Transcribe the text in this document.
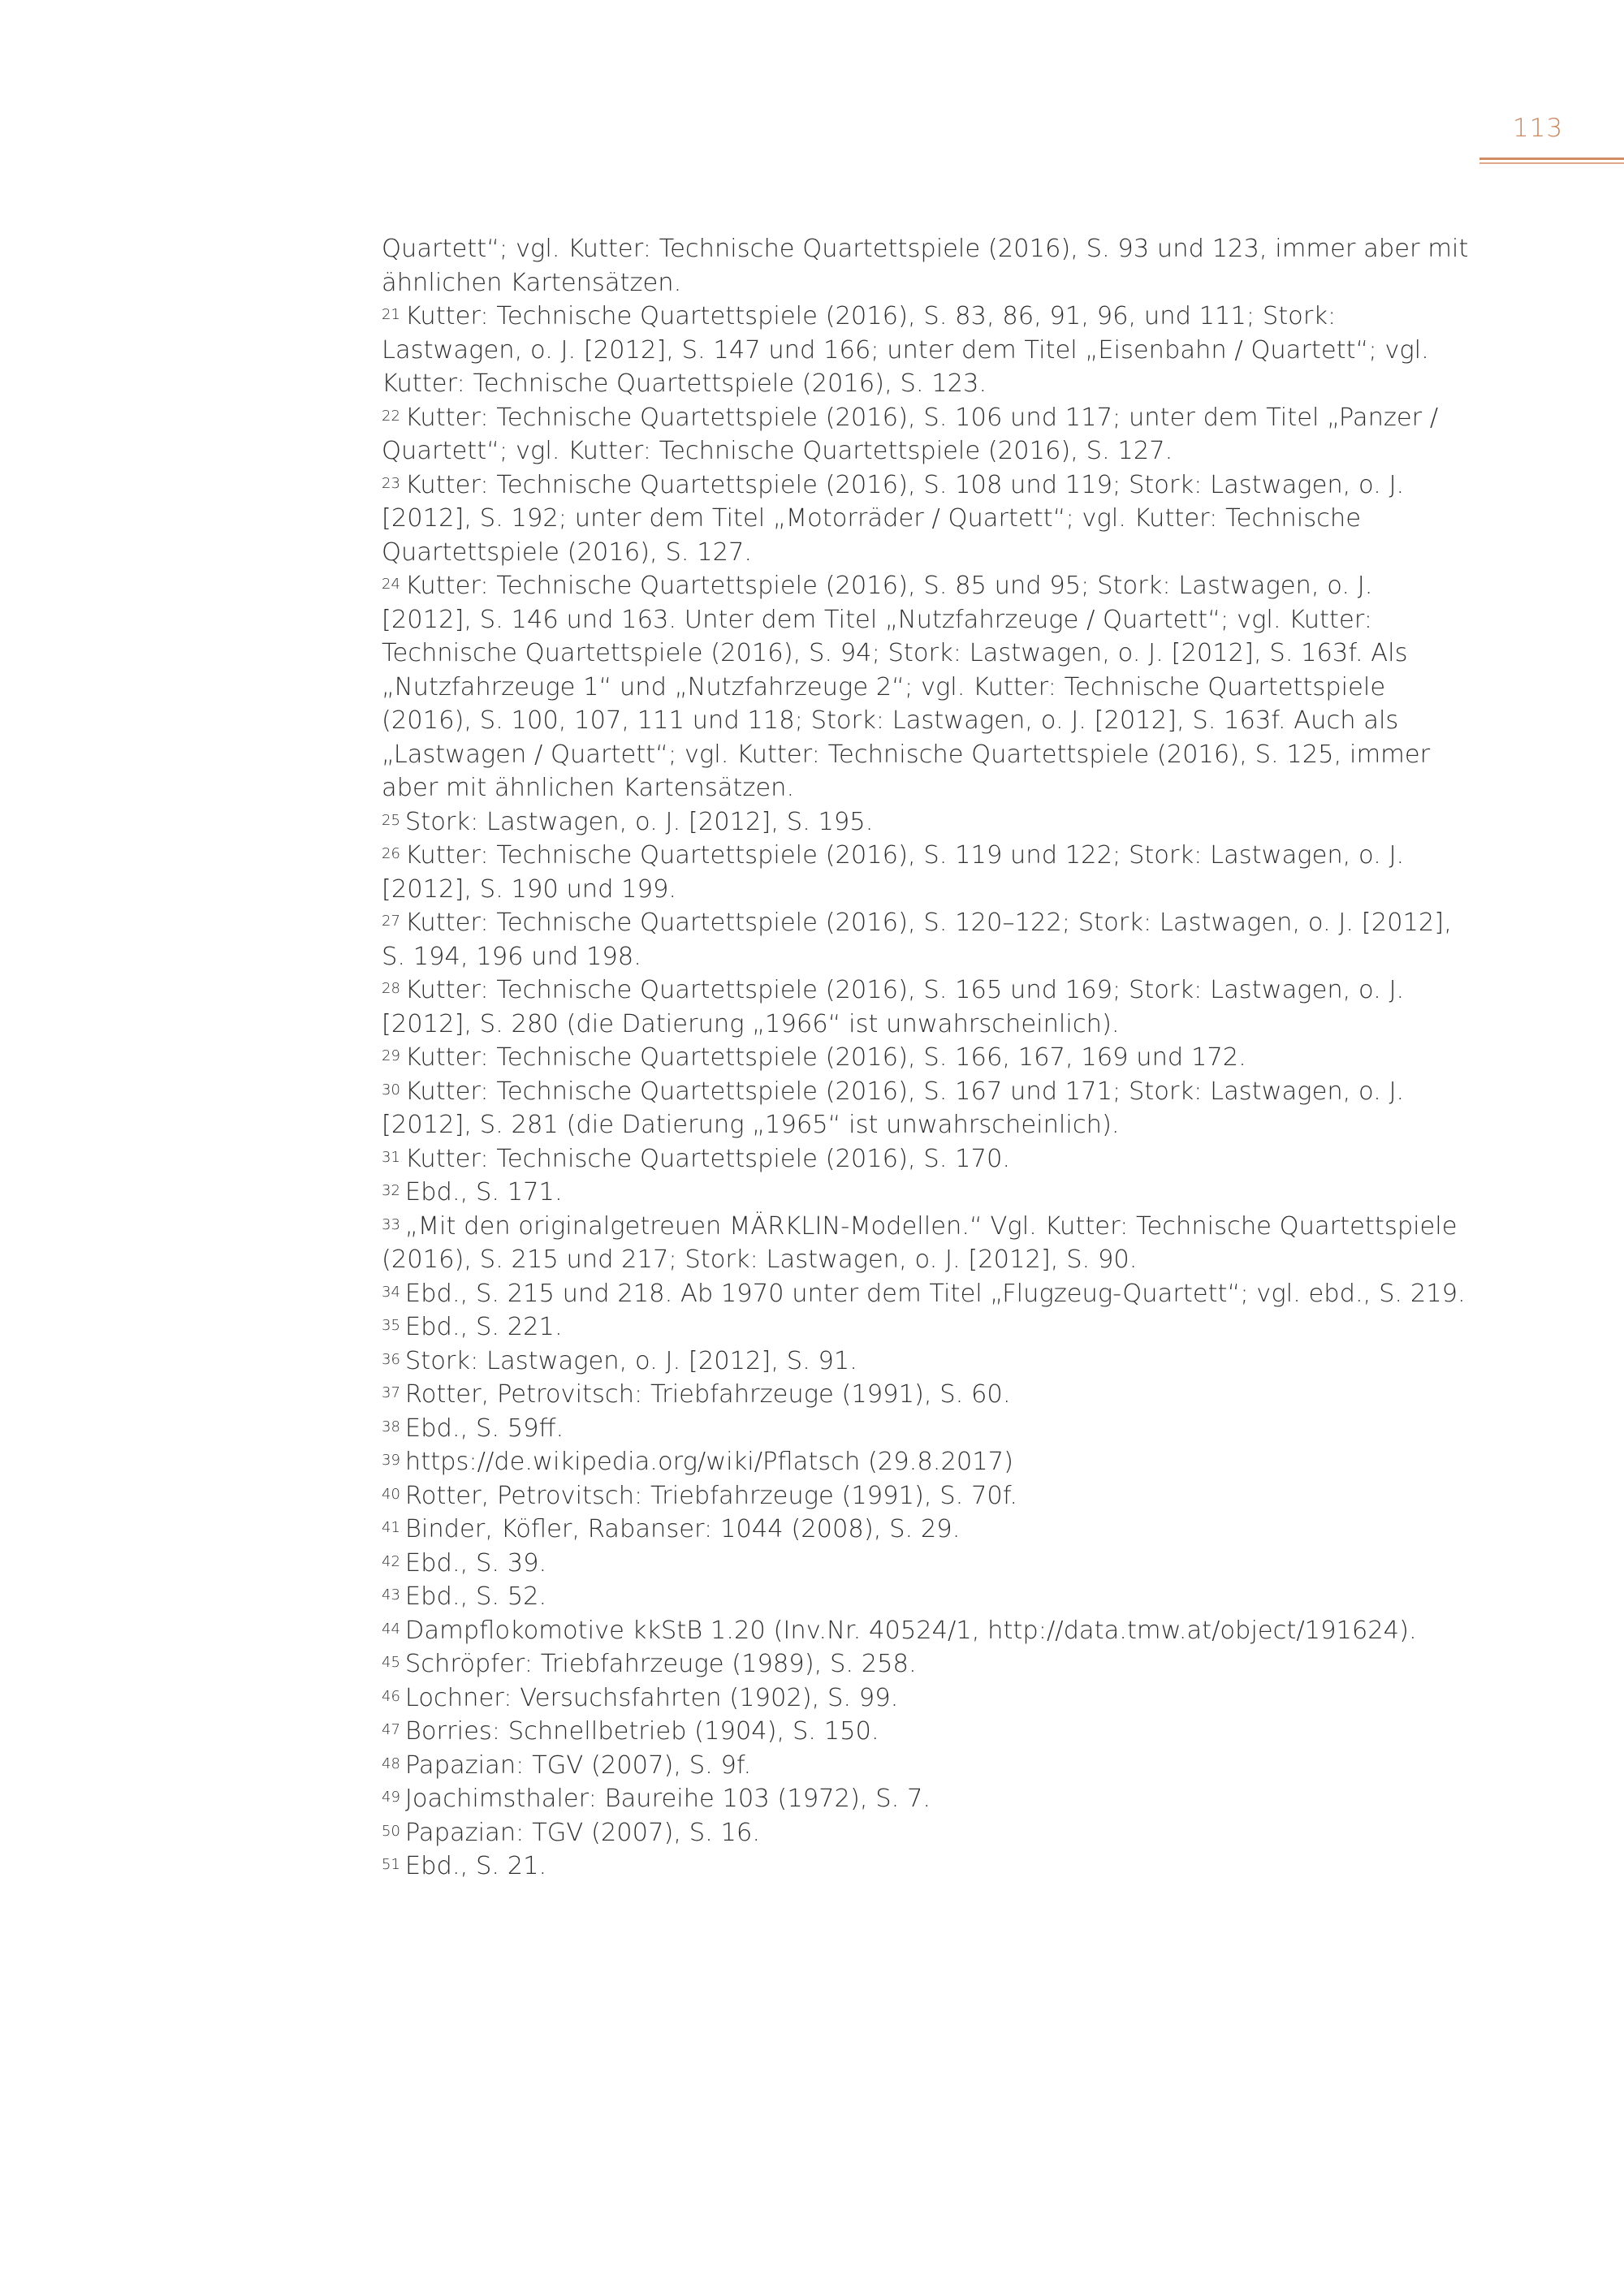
113

Quartett“; vgl. Kutter: Technische Quartettspiele (2016), S. 93 und 123, immer aber mit ähnlichen Kartensätzen.

$^{21}$ Kutter: Technische Quartettspiele (2016), S. 83, 86, 91, 96, und 111; Stork: Lastwagen, o. J. [2012], S. 147 und 166; unter dem Titel „Eisenbahn / Quartett“; vgl. Kutter: Technische Quartettspiele (2016), S. 123.

$^{22}$ Kutter: Technische Quartettspiele (2016), S. 106 und 117; unter dem Titel „Panzer / Quartett“; vgl. Kutter: Technische Quartettspiele (2016), S. 127.

$^{23}$ Kutter: Technische Quartettspiele (2016), S. 108 und 119; Stork: Lastwagen, o. J. [2012], S. 192; unter dem Titel „Motorräder / Quartett“; vgl. Kutter: Technische Quartettspiele (2016), S. 127.

$^{24}$ Kutter: Technische Quartettspiele (2016), S. 85 und 95; Stork: Lastwagen, o. J. [2012], S. 146 und 163. Unter dem Titel „Nutzfahrzeuge / Quartett“; vgl. Kutter: Technische Quartettspiele (2016), S. 94; Stork: Lastwagen, o. J. [2012], S. 163f. Als „Nutzfahrzeuge 1“ und „Nutzfahrzeuge 2“; vgl. Kutter: Technische Quartettspiele (2016), S. 100, 107, 111 und 118; Stork: Lastwagen, o. J. [2012], S. 163f. Auch als „Lastwagen / Quartett“; vgl. Kutter: Technische Quartettspiele (2016), S. 125, immer aber mit ähnlichen Kartensätzen.

$^{25}$ Stork: Lastwagen, o. J. [2012], S. 195.

$^{26}$ Kutter: Technische Quartettspiele (2016), S. 119 und 122; Stork: Lastwagen, o. J. [2012], S. 190 und 199.

$^{27}$ Kutter: Technische Quartettspiele (2016), S. 120–122; Stork: Lastwagen, o. J. [2012], S. 194, 196 und 198.

$^{28}$ Kutter: Technische Quartettspiele (2016), S. 165 und 169; Stork: Lastwagen, o. J. [2012], S. 280 (die Datierung „1966“ ist unwahrscheinlich).

$^{29}$ Kutter: Technische Quartettspiele (2016), S. 166, 167, 169 und 172.

$^{30}$ Kutter: Technische Quartettspiele (2016), S. 167 und 171; Stork: Lastwagen, o. J. [2012], S. 281 (die Datierung „1965“ ist unwahrscheinlich).

$^{31}$ Kutter: Technische Quartettspiele (2016), S. 170.

$^{32}$ Ebd., S. 171.

$^{33}$ „Mit den originalgetreuen MÄRKLIN-Modellen.“ Vgl. Kutter: Technische Quartettspiele (2016), S. 215 und 217; Stork: Lastwagen, o. J. [2012], S. 90.

$^{34}$ Ebd., S. 215 und 218. Ab 1970 unter dem Titel „Flugzeug-Quartett“; vgl. ebd., S. 219.

$^{35}$ Ebd., S. 221.

$^{36}$ Stork: Lastwagen, o. J. [2012], S. 91.

$^{37}$ Rotter, Petrovitsch: Triebfahrzeuge (1991), S. 60.

$^{38}$ Ebd., S. 59ff.

$^{39}$ https://de.wikipedia.org/wiki/Pflatsch (29.8.2017)

$^{40}$ Rotter, Petrovitsch: Triebfahrzeuge (1991), S. 70f.

$^{41}$ Binder, Köfler, Rabanser: 1044 (2008), S. 29.

$^{42}$ Ebd., S. 39.

$^{43}$ Ebd., S. 52.

$^{44}$ Dampflokomotive kkStB 1.20 (Inv.Nr. 40524/1, http://data.tmw.at/object/191624).

$^{45}$ Schröpfer: Triebfahrzeuge (1989), S. 258.

$^{46}$ Lochner: Versuchsfahrten (1902), S. 99.

$^{47}$ Borries: Schnellbetrieb (1904), S. 150.

$^{48}$ Papazian: TGV (2007), S. 9f.

$^{49}$ Joachimsthaler: Baureihe 103 (1972), S. 7.

$^{50}$ Papazian: TGV (2007), S. 16.

$^{51}$ Ebd., S. 21.
